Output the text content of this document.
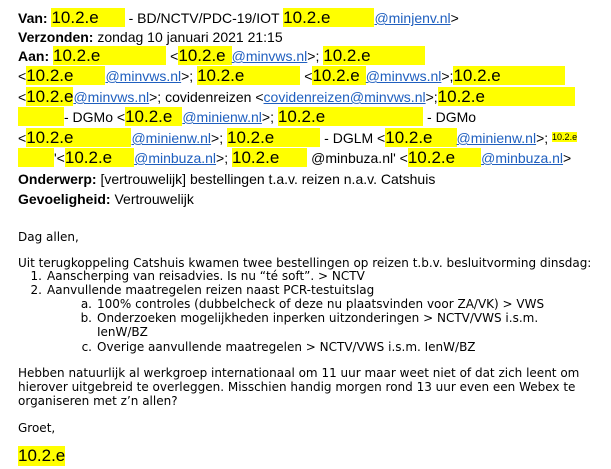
Van: 10.2.e - BD/NCTV/PDC-19/IOT 10.2.e	@minjenv.nl>
Verzonden: zondag 10 januari 2021 21:15
Aan: 10.2.e	<10.2.e @minvws.nl>; 10.2.e
<10.2.e @minvws.nl>; 10.2.e	<10.2.e @minvws.nl>;10.2.e
<10.2.e@minvws.nl>; covidenreizen <covidenreizen@minvws.nl>;10.2.e
- DGMo <10.2.e @minienw.nl>; 10.2.e	- DGMo
<10.2.e	@minienw.nl>; 10.2.e	- DGLM <10.2.e @minienw.nl>; $^{10.2.e}$
'<10.2.e @minbuza.nl>; 10.2.e @minbuza.nl' <10.2.e @minbuza.nl>
Onderwerp: [vertrouwelijk] bestellingen t.a.v. reizen n.a.v. Catshuis
Gevoeligheid: Vertrouwelijk
Dag allen,
Uit terugkoppeling Catshuis kwamen twee bestellingen op reizen t.b.v. besluitvorming dinsdag:
1. Aanscherping van reisadvies. Is nu “té soft”. > NCTV
2. Aanvullende maatregelen reizen naast PCR-testuitslag
a. 100% controles (dubbelcheck of deze nu plaatsvinden voor ZA/VK) > VWS
b. Onderzoeken mogelijkheden inperken uitzonderingen > NCTV/VWS i.s.m.
IenW/BZ
c. Overige aanvullende maatregelen > NCTV/VWS i.s.m. IenW/BZ
Hebben natuurlijk al werkgroep internationaal om 11 uur maar weet niet of dat zich leent om
hierover uitgebreid te overleggen. Misschien handig morgen rond 13 uur even een Webex te
organiseren met z’n allen?
Groet,
10.2.e
